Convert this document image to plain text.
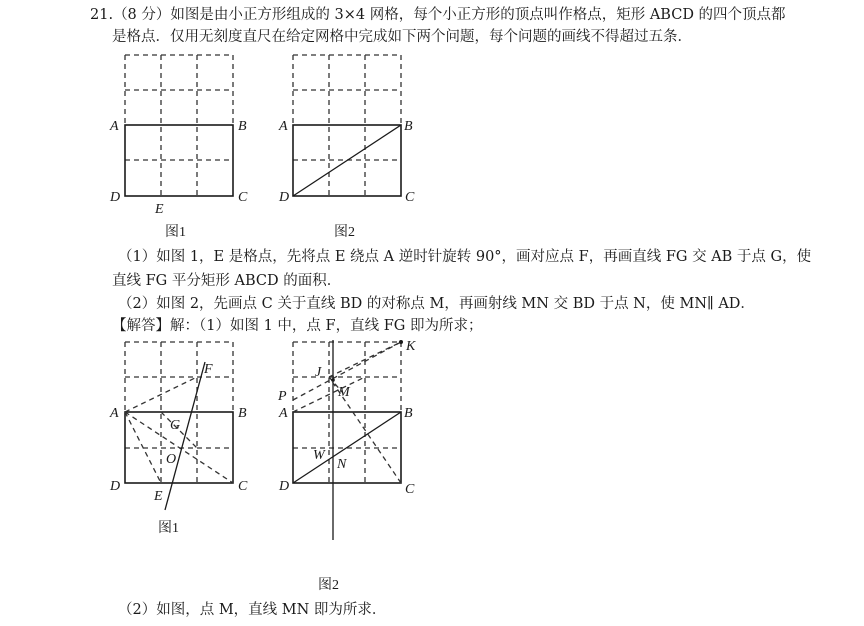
21.（8 分）如图是由小正方形组成的 3×4 网格，每个小正方形的顶点叫作格点，矩形 ABCD 的四个顶点都
是格点．仅用无刻度直尺在给定网格中完成如下两个问题，每个问题的画线不得超过五条．
（1）如图 1，E 是格点，先将点 E 绕点 A 逆时针旋转 90°，画对应点 F，再画直线 FG 交 AB 于点 G，使
直线 FG 平分矩形 ABCD 的面积．
（2）如图 2，先画点 C 关于直线 BD 的对称点 M，再画射线 MN 交 BD 于点 N，使 MN∥ AD．
【解答】解：（1）如图 1 中，点 F，直线 FG 即为所求；
（2）如图，点 M，直线 MN 即为所求．
A	B
C
D
E
图1
A	B
C
D
图2
F
G
O
A	B
C
D
E
图1
K
J
M
P
A	B
C
D
W
N
图2
